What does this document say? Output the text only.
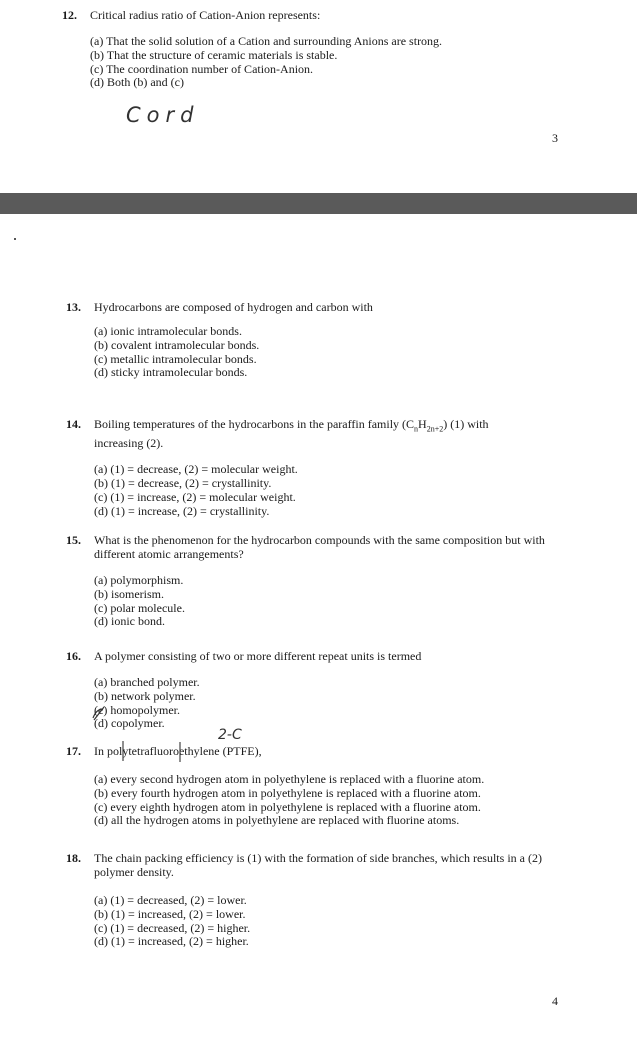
12. Critical radius ratio of Cation-Anion represents:
(a) That the solid solution of a Cation and surrounding Anions are strong.
(b) That the structure of ceramic materials is stable.
(c) The coordination number of Cation-Anion.
(d) Both (b) and (c)
Cord
3
13. Hydrocarbons are composed of hydrogen and carbon with
(a) ionic intramolecular bonds.
(b) covalent intramolecular bonds.
(c) metallic intramolecular bonds.
(d) sticky intramolecular bonds.
14. Boiling temperatures of the hydrocarbons in the paraffin family $(C_nH_{2n+2})$ (1) with increasing (2).
(a) (1) = decrease, (2) = molecular weight.
(b) (1) = decrease, (2) = crystallinity.
(c) (1) = increase, (2) = molecular weight.
(d) (1) = increase, (2) = crystallinity.
15. What is the phenomenon for the hydrocarbon compounds with the same composition but with different atomic arrangements?
(a) polymorphism.
(b) isomerism.
(c) polar molecule.
(d) ionic bond.
16. A polymer consisting of two or more different repeat units is termed
(a) branched polymer.
(b) network polymer.
(c) homopolymer.
(d) copolymer.
2-C
17. In polytetrafluoroethylene (PTFE),
(a) every second hydrogen atom in polyethylene is replaced with a fluorine atom.
(b) every fourth hydrogen atom in polyethylene is replaced with a fluorine atom.
(c) every eighth hydrogen atom in polyethylene is replaced with a fluorine atom.
(d) all the hydrogen atoms in polyethylene are replaced with fluorine atoms.
18. The chain packing efficiency is (1) with the formation of side branches, which results in a (2) polymer density.
(a) (1) = decreased, (2) = lower.
(b) (1) = increased, (2) = lower.
(c) (1) = decreased, (2) = higher.
(d) (1) = increased, (2) = higher.
4
